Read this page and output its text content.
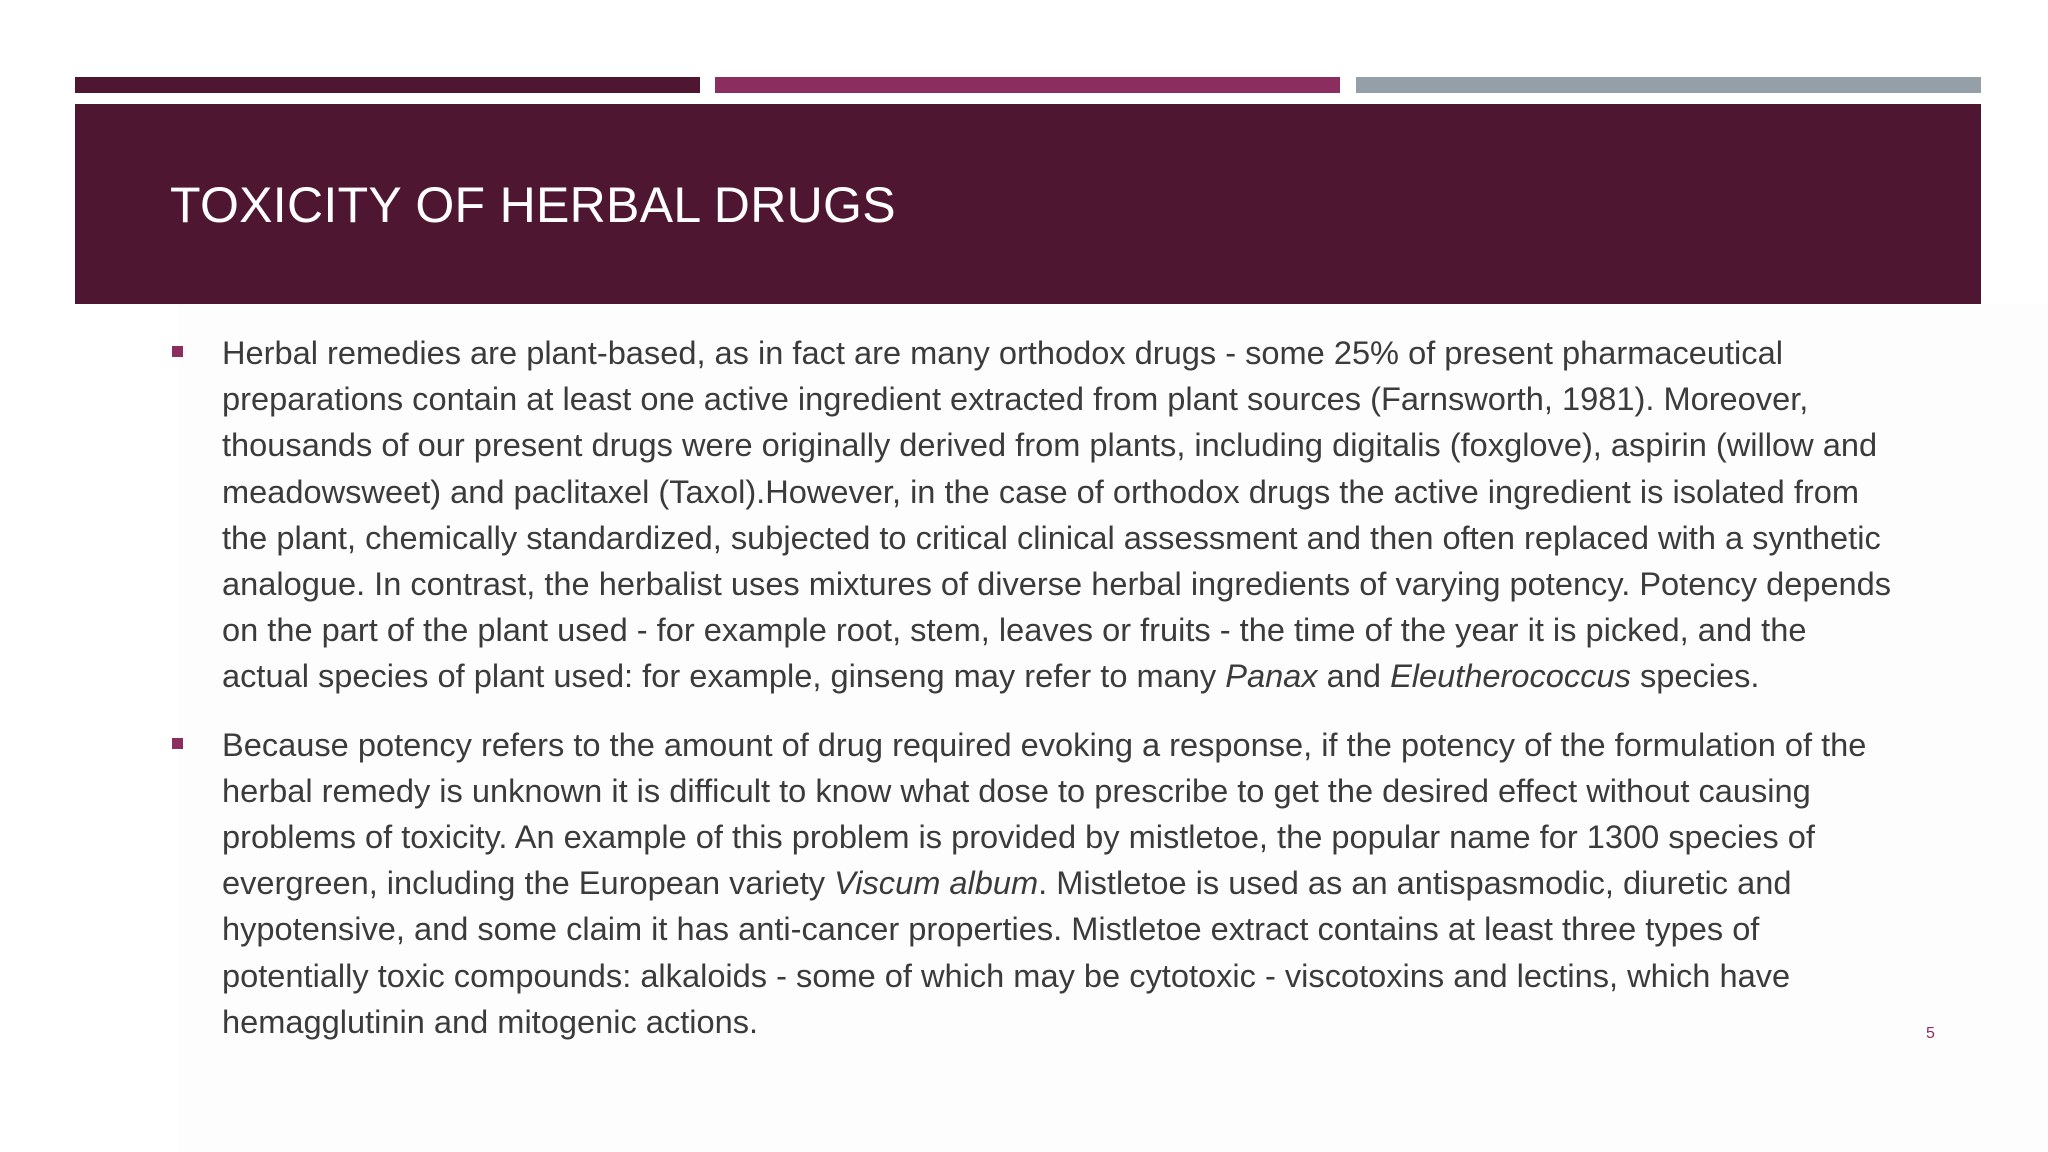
TOXICITY OF HERBAL DRUGS
Herbal remedies are plant-based, as in fact are many orthodox drugs - some 25% of present pharmaceutical preparations contain at least one active ingredient extracted from plant sources (Farnsworth, 1981). Moreover, thousands of our present drugs were originally derived from plants, including digitalis (foxglove), aspirin (willow and meadowsweet) and paclitaxel (Taxol).However, in the case of orthodox drugs the active ingredient is isolated from the plant, chemically standardized, subjected to critical clinical assessment and then often replaced with a synthetic analogue. In contrast, the herbalist uses mixtures of diverse herbal ingredients of varying potency. Potency depends on the part of the plant used - for example root, stem, leaves or fruits - the time of the year it is picked, and the actual species of plant used: for example, ginseng may refer to many Panax and Eleutherococcus species.
Because potency refers to the amount of drug required evoking a response, if the potency of the formulation of the herbal remedy is unknown it is difficult to know what dose to prescribe to get the desired effect without causing problems of toxicity. An example of this problem is provided by mistletoe, the popular name for 1300 species of evergreen, including the European variety Viscum album. Mistletoe is used as an antispasmodic, diuretic and hypotensive, and some claim it has anti-cancer properties. Mistletoe extract contains at least three types of potentially toxic compounds: alkaloids - some of which may be cytotoxic - viscotoxins and lectins, which have hemagglutinin and mitogenic actions.	5
